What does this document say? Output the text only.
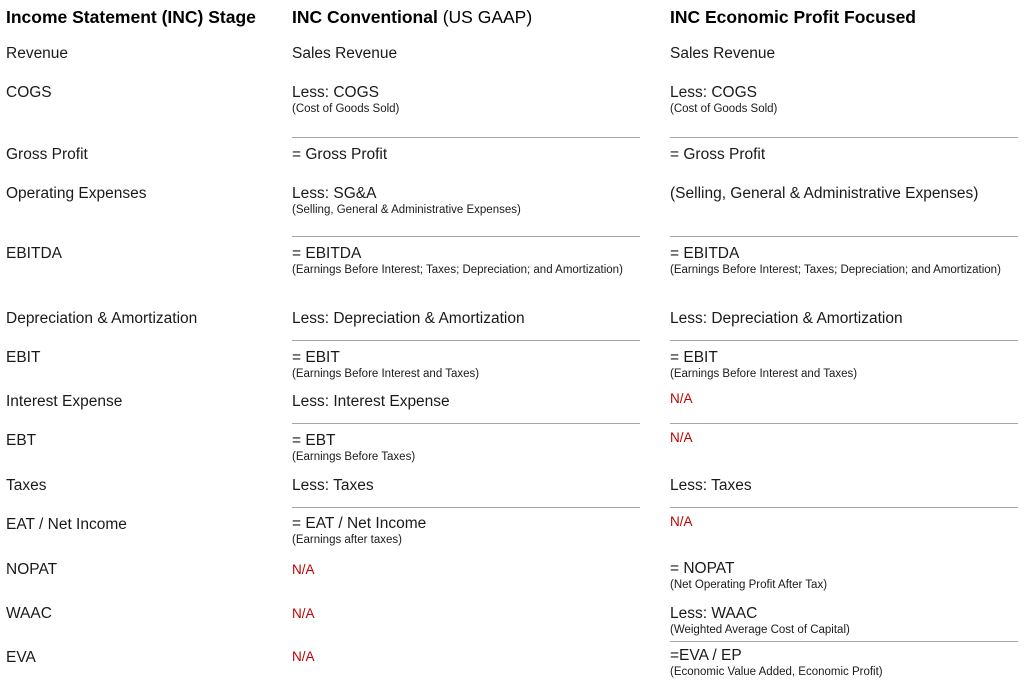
Income Statement (INC) Stage	INC Conventional (US GAAP)	INC Economic Profit Focused
Revenue
COGS
Gross Profit
Operating Expenses
EBITDA
Depreciation & Amortization
EBIT
Interest Expense
EBT
Taxes
EAT / Net Income
NOPAT
WAAC
EVA
Sales Revenue
Less: COGS
(Cost of Goods Sold)
= Gross Profit
Less: SG&A
(Selling, General & Administrative Expenses)
= EBITDA
(Earnings Before Interest; Taxes; Depreciation; and Amortization)
Less: Depreciation & Amortization
= EBIT
(Earnings Before Interest and Taxes)
Less: Interest Expense
= EBT
(Earnings Before Taxes)
Less: Taxes
= EAT / Net Income
(Earnings after taxes)
N/A
N/A
N/A
Sales Revenue
Less: COGS
(Cost of Goods Sold)
= Gross Profit
(Selling, General & Administrative Expenses)
= EBITDA
(Earnings Before Interest; Taxes; Depreciation; and Amortization)
Less: Depreciation & Amortization
= EBIT
(Earnings Before Interest and Taxes)
N/A
N/A
Less: Taxes
N/A
= NOPAT
(Net Operating Profit After Tax)
Less: WAAC
(Weighted Average Cost of Capital)
=EVA / EP
(Economic Value Added, Economic Profit)
